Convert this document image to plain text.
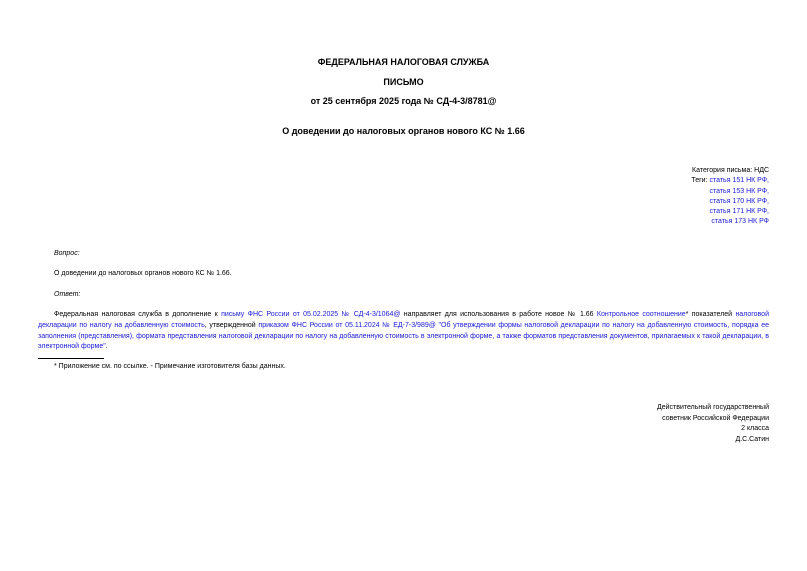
ФЕДЕРАЛЬНАЯ НАЛОГОВАЯ СЛУЖБА
ПИСЬМО
от 25 сентября 2025 года № СД-4-3/8781@
О доведении до налоговых органов нового КС № 1.66
Категория письма: НДС
Теги: статья 151 НК РФ,
статья 153 НК РФ,
статья 170 НК РФ,
статья 171 НК РФ,
статья 173 НК РФ
Вопрос:
О доведении до налоговых органов нового КС № 1.66.
Ответ:
Федеральная налоговая служба в дополнение к письму ФНС России от 05.02.2025 № СД-4-3/1064@ направляет для использования в работе новое № 1.66 Контрольное соотношение* показателей налоговой декларации по налогу на добавленную стоимость, утвержденной приказом ФНС России от 05.11.2024 № ЕД-7-3/989@ "Об утверждении формы налоговой декларации по налогу на добавленную стоимость, порядка ее заполнения (представления), формата представления налоговой декларации по налогу на добавленную стоимость в электронной форме, а также форматов представления документов, прилагаемых к такой декларации, в электронной форме".
* Приложение см. по ссылке. - Примечание изготовителя базы данных.
Действительный государственный
советник Российской Федерации
2 класса
Д.С.Сатин
